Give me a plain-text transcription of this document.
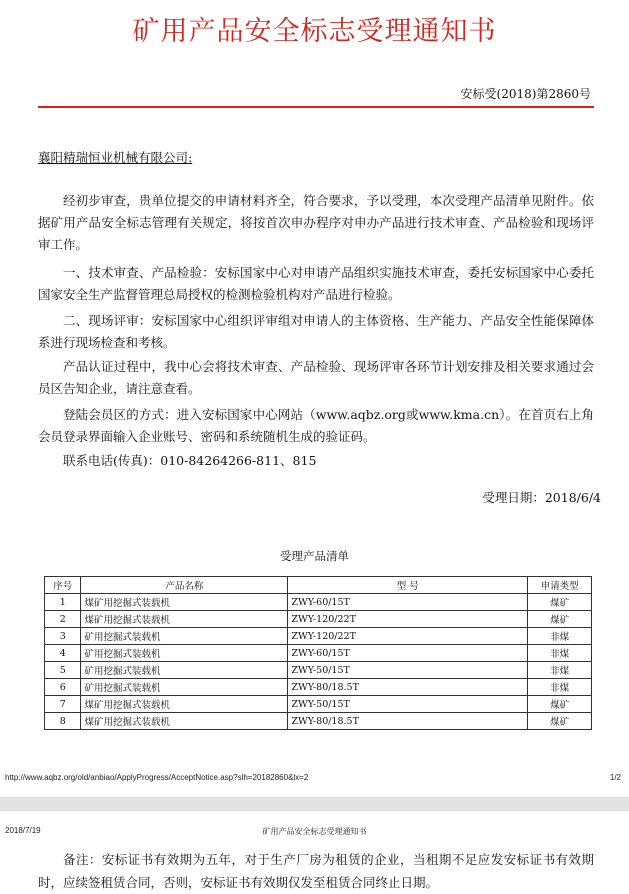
矿用产品安全标志受理通知书
安标受(2018)第2860号
襄阳精瑞恒业机械有限公司:

经初步审查，贵单位提交的申请材料齐全，符合要求，予以受理，本次受理产品清单见附件。依据矿用产品安全标志管理有关规定，将按首次申办程序对申办产品进行技术审查、产品检验和现场评审工作。

一、技术审查、产品检验：安标国家中心对申请产品组织实施技术审查，委托安标国家中心委托国家安全生产监督管理总局授权的检测检验机构对产品进行检验。

二、现场评审：安标国家中心组织评审组对申请人的主体资格、生产能力、产品安全性能保障体系进行现场检查和考核。

产品认证过程中，我中心会将技术审查、产品检验、现场评审各环节计划安排及相关要求通过会员区告知企业，请注意查看。

登陆会员区的方式：进入安标国家中心网站（www.aqbz.org或www.kma.cn）。在首页右上角会员登录界面输入企业账号、密码和系统随机生成的验证码。

联系电话(传真)：010-84264266-811、815

受理日期：2018/6/4
受理产品清单
序号	产品名称	型 号	申请类型
1	煤矿用挖掘式装载机	ZWY-60/15T	煤矿
2	煤矿用挖掘式装载机	ZWY-120/22T	煤矿
3	矿用挖掘式装载机	ZWY-120/22T	非煤
4	矿用挖掘式装载机	ZWY-60/15T	非煤
5	矿用挖掘式装载机	ZWY-50/15T	非煤
6	矿用挖掘式装载机	ZWY-80/18.5T	非煤
7	煤矿用挖掘式装载机	ZWY-50/15T	煤矿
8	煤矿用挖掘式装载机	ZWY-80/18.5T	煤矿
http://www.aqbz.org/old/anbiao/ApplyProgress/AcceptNotice.asp?slh=20182860&lx=2	1/2
2018/7/19	矿用产品安全标志受理通知书

备注：安标证书有效期为五年，对于生产厂房为租赁的企业，当租期不足应发安标证书有效期时，应续签租赁合同，否则，安标证书有效期仅发至租赁合同终止日期。
